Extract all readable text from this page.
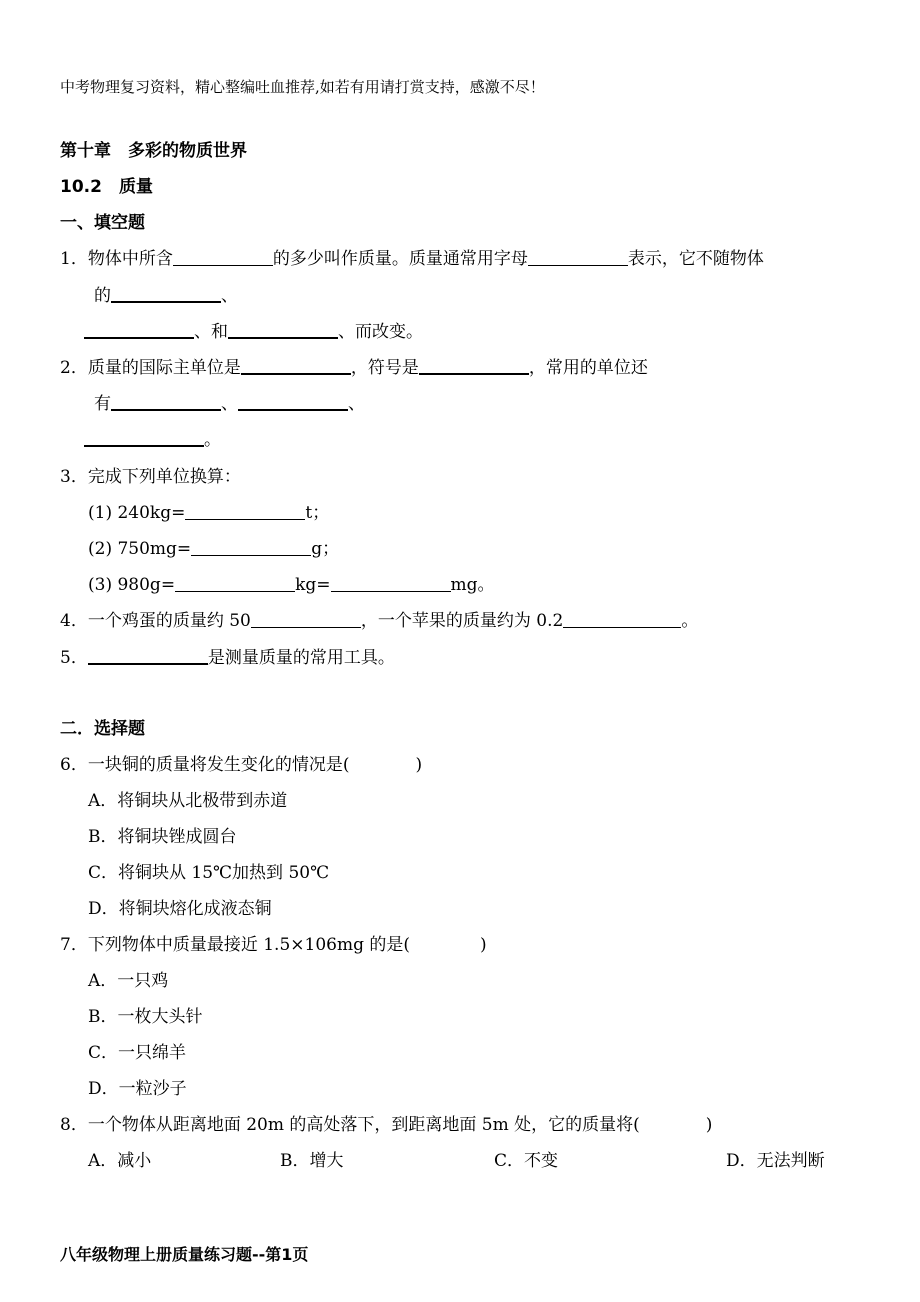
中考物理复习资料，精心整编吐血推荐,如若有用请打赏支持，感激不尽！
第十章　多彩的物质世界
10.2　质量
一、填空题
1．物体中所含	的多少叫作质量。质量通常用字母	表示，它不随物体
的	、
、和	、而改变。
2．质量的国际主单位是	，符号是	，常用的单位还
有	、	、
。
3．完成下列单位换算：
(1) 240kg=	t；
(2) 750mg=	g；
(3) 980g=	kg=	mg。
4．一个鸡蛋的质量约 50	，一个苹果的质量约为 0.2	。
5．	是测量质量的常用工具。
二．选择题
6．一块铜的质量将发生变化的情况是(	)
A．将铜块从北极带到赤道
B．将铜块锉成圆台
C．将铜块从 15℃加热到 50℃
D．将铜块熔化成液态铜
7．下列物体中质量最接近 1.5×106mg 的是(	)
A．一只鸡
B．一枚大头针
C．一只绵羊
D．一粒沙子
8．一个物体从距离地面 20m 的高处落下，到距离地面 5m 处，它的质量将(	)
A．减小	B．增大	C．不变	D．无法判断
八年级物理上册质量练习题--第1页
